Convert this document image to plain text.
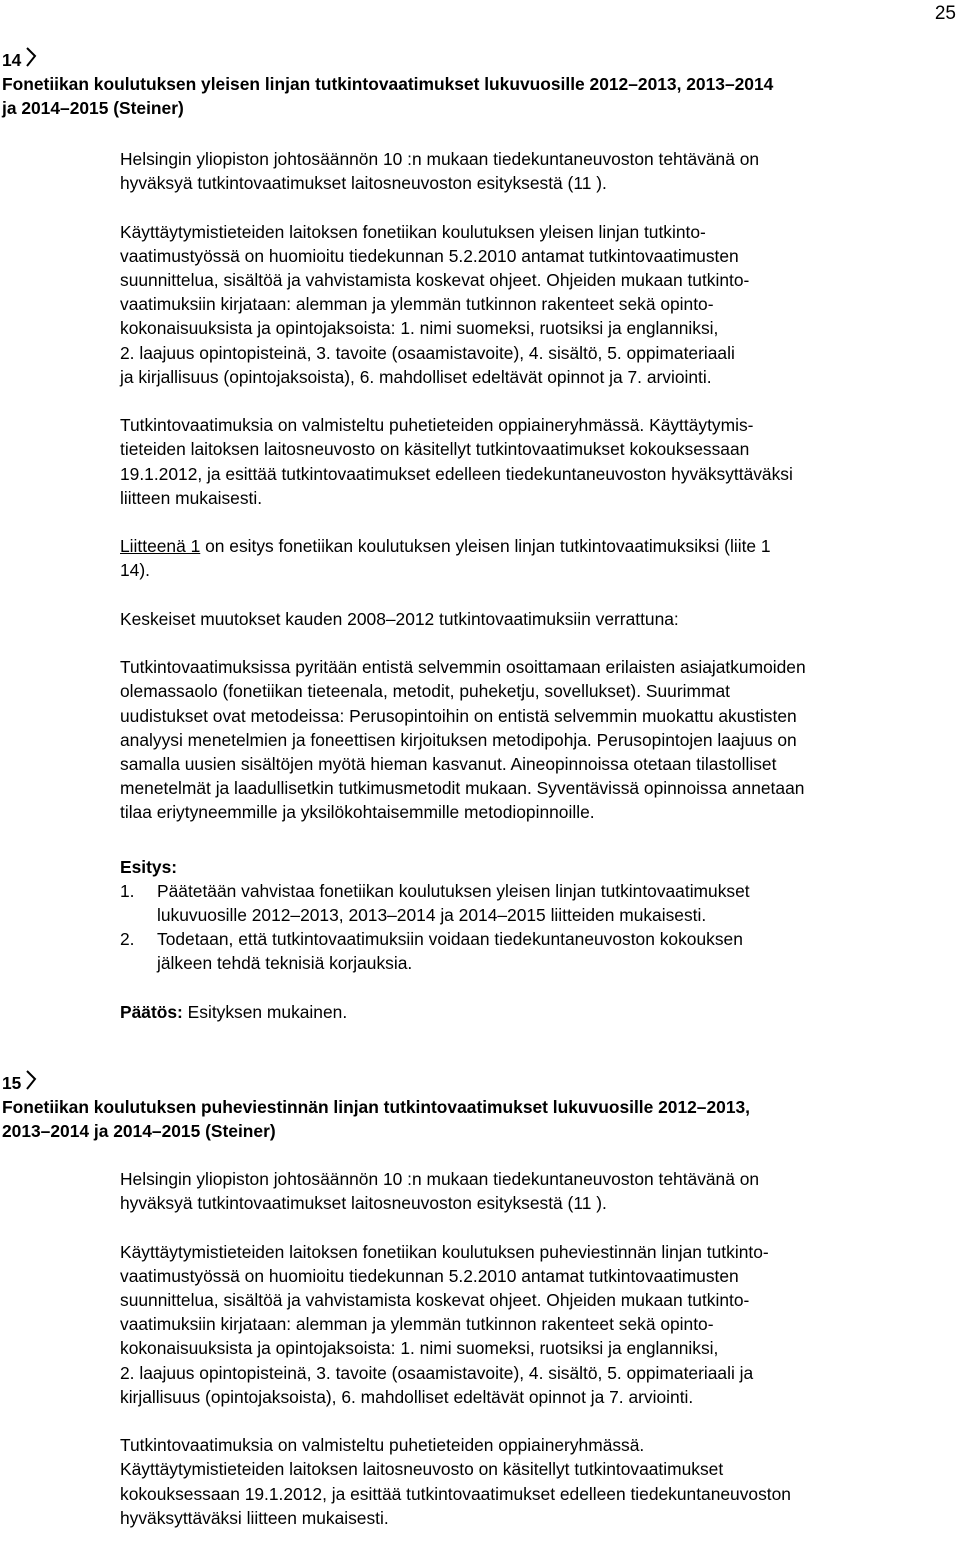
25
14
Fonetiikan koulutuksen yleisen linjan tutkintovaatimukset lukuvuosille 2012–2013, 2013–2014
ja 2014–2015 (Steiner)

Helsingin yliopiston johtosäännön 10 :n mukaan tiedekuntaneuvoston tehtävänä on
hyväksyä tutkintovaatimukset laitosneuvoston esityksestä (11 ).

Käyttäytymistieteiden laitoksen fonetiikan koulutuksen yleisen linjan tutkinto-
vaatimustyössä on huomioitu tiedekunnan 5.2.2010 antamat tutkintovaatimusten
suunnittelua, sisältöä ja vahvistamista koskevat ohjeet. Ohjeiden mukaan tutkinto-
vaatimuksiin kirjataan: alemman ja ylemmän tutkinnon rakenteet sekä opinto-
kokonaisuuksista ja opintojaksoista: 1. nimi suomeksi, ruotsiksi ja englanniksi,
2. laajuus opintopisteinä, 3. tavoite (osaamistavoite), 4. sisältö, 5. oppimateriaali
ja kirjallisuus (opintojaksoista), 6. mahdolliset edeltävät opinnot ja 7. arviointi.

Tutkintovaatimuksia on valmisteltu puhetieteiden oppiaineryhmässä. Käyttäytymis-
tieteiden laitoksen laitosneuvosto on käsitellyt tutkintovaatimukset kokouksessaan
19.1.2012, ja esittää tutkintovaatimukset edelleen tiedekuntaneuvoston hyväksyttäväksi
liitteen mukaisesti.

Liitteenä 1 on esitys fonetiikan koulutuksen yleisen linjan tutkintovaatimuksiksi (liite 1
14).

Keskeiset muutokset kauden 2008–2012 tutkintovaatimuksiin verrattuna:

Tutkintovaatimuksissa pyritään entistä selvemmin osoittamaan erilaisten asiajatkumoiden
olemassaolo (fonetiikan tieteenala, metodit, puheketju, sovellukset). Suurimmat
uudistukset ovat metodeissa: Perusopintoihin on entistä selvemmin muokattu akustisten
analyysi menetelmien ja foneettisen kirjoituksen metodipohja. Perusopintojen laajuus on
samalla uusien sisältöjen myötä hieman kasvanut. Aineopinnoissa otetaan tilastolliset
menetelmät ja laadullisetkin tutkimusmetodit mukaan. Syventävissä opinnoissa annetaan
tilaa eriytyneemmille ja yksilökohtaisemmille metodiopinnoille.

Esitys:
1.	Päätetään vahvistaa fonetiikan koulutuksen yleisen linjan tutkintovaatimukset
lukuvuosille 2012–2013, 2013–2014 ja 2014–2015 liitteiden mukaisesti.
2.	Todetaan, että tutkintovaatimuksiin voidaan tiedekuntaneuvoston kokouksen
jälkeen tehdä teknisiä korjauksia.

Päätös: Esityksen mukainen.

15
Fonetiikan koulutuksen puheviestinnän linjan tutkintovaatimukset lukuvuosille 2012–2013,
2013–2014 ja 2014–2015 (Steiner)

Helsingin yliopiston johtosäännön 10 :n mukaan tiedekuntaneuvoston tehtävänä on
hyväksyä tutkintovaatimukset laitosneuvoston esityksestä (11 ).

Käyttäytymistieteiden laitoksen fonetiikan koulutuksen puheviestinnän linjan tutkinto-
vaatimustyössä on huomioitu tiedekunnan 5.2.2010 antamat tutkintovaatimusten
suunnittelua, sisältöä ja vahvistamista koskevat ohjeet. Ohjeiden mukaan tutkinto-
vaatimuksiin kirjataan: alemman ja ylemmän tutkinnon rakenteet sekä opinto-
kokonaisuuksista ja opintojaksoista: 1. nimi suomeksi, ruotsiksi ja englanniksi,
2. laajuus opintopisteinä, 3. tavoite (osaamistavoite), 4. sisältö, 5. oppimateriaali ja
kirjallisuus (opintojaksoista), 6. mahdolliset edeltävät opinnot ja 7. arviointi.

Tutkintovaatimuksia on valmisteltu puhetieteiden oppiaineryhmässä.
Käyttäytymistieteiden laitoksen laitosneuvosto on käsitellyt tutkintovaatimukset
kokouksessaan 19.1.2012, ja esittää tutkintovaatimukset edelleen tiedekuntaneuvoston
hyväksyttäväksi liitteen mukaisesti.
